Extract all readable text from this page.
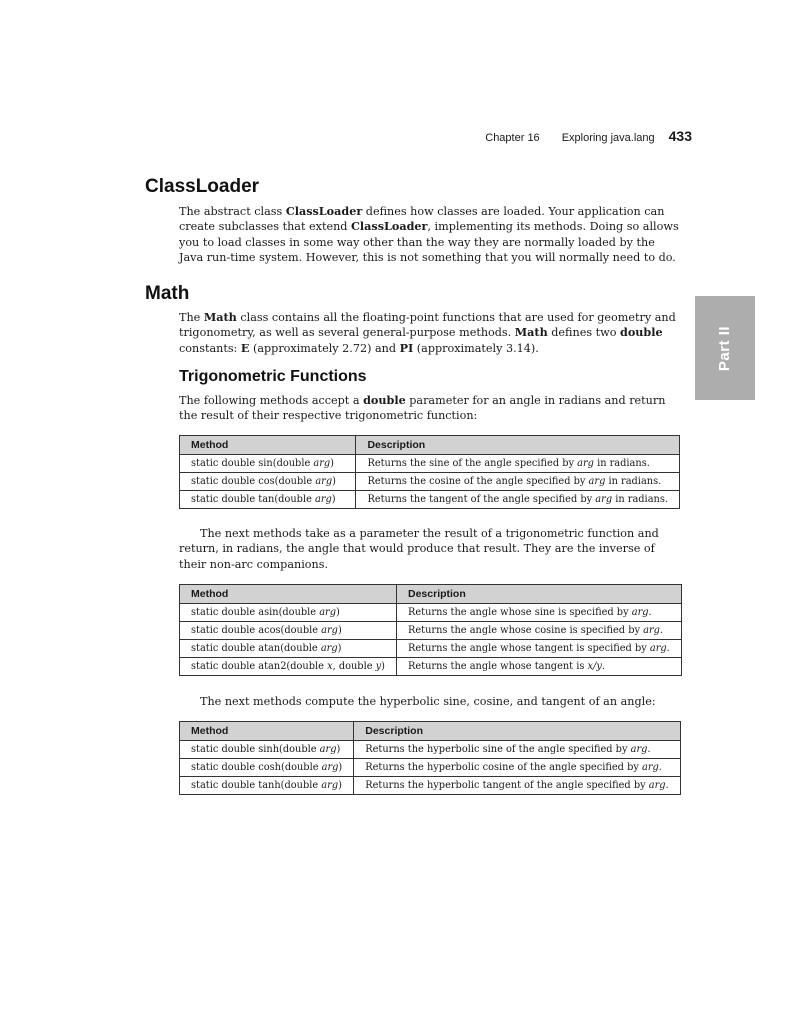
Chapter 16 Exploring java.lang 433
Part II
ClassLoader

The abstract class ClassLoader defines how classes are loaded. Your application can create subclasses that extend ClassLoader, implementing its methods. Doing so allows you to load classes in some way other than the way they are normally loaded by the Java run-time system. However, this is not something that you will normally need to do.

Math

The Math class contains all the floating-point functions that are used for geometry and trigonometry, as well as several general-purpose methods. Math defines two double constants: E (approximately 2.72) and PI (approximately 3.14).

Trigonometric Functions

The following methods accept a double parameter for an angle in radians and return the result of their respective trigonometric function:

Method	Description
static double sin(double arg)	Returns the sine of the angle specified by arg in radians.
static double cos(double arg)	Returns the cosine of the angle specified by arg in radians.
static double tan(double arg)	Returns the tangent of the angle specified by arg in radians.

The next methods take as a parameter the result of a trigonometric function and return, in radians, the angle that would produce that result. They are the inverse of their non-arc companions.

Method	Description
static double asin(double arg)	Returns the angle whose sine is specified by arg.
static double acos(double arg)	Returns the angle whose cosine is specified by arg.
static double atan(double arg)	Returns the angle whose tangent is specified by arg.
static double atan2(double x, double y)	Returns the angle whose tangent is x/y.

The next methods compute the hyperbolic sine, cosine, and tangent of an angle:

Method	Description
static double sinh(double arg)	Returns the hyperbolic sine of the angle specified by arg.
static double cosh(double arg)	Returns the hyperbolic cosine of the angle specified by arg.
static double tanh(double arg)	Returns the hyperbolic tangent of the angle specified by arg.
